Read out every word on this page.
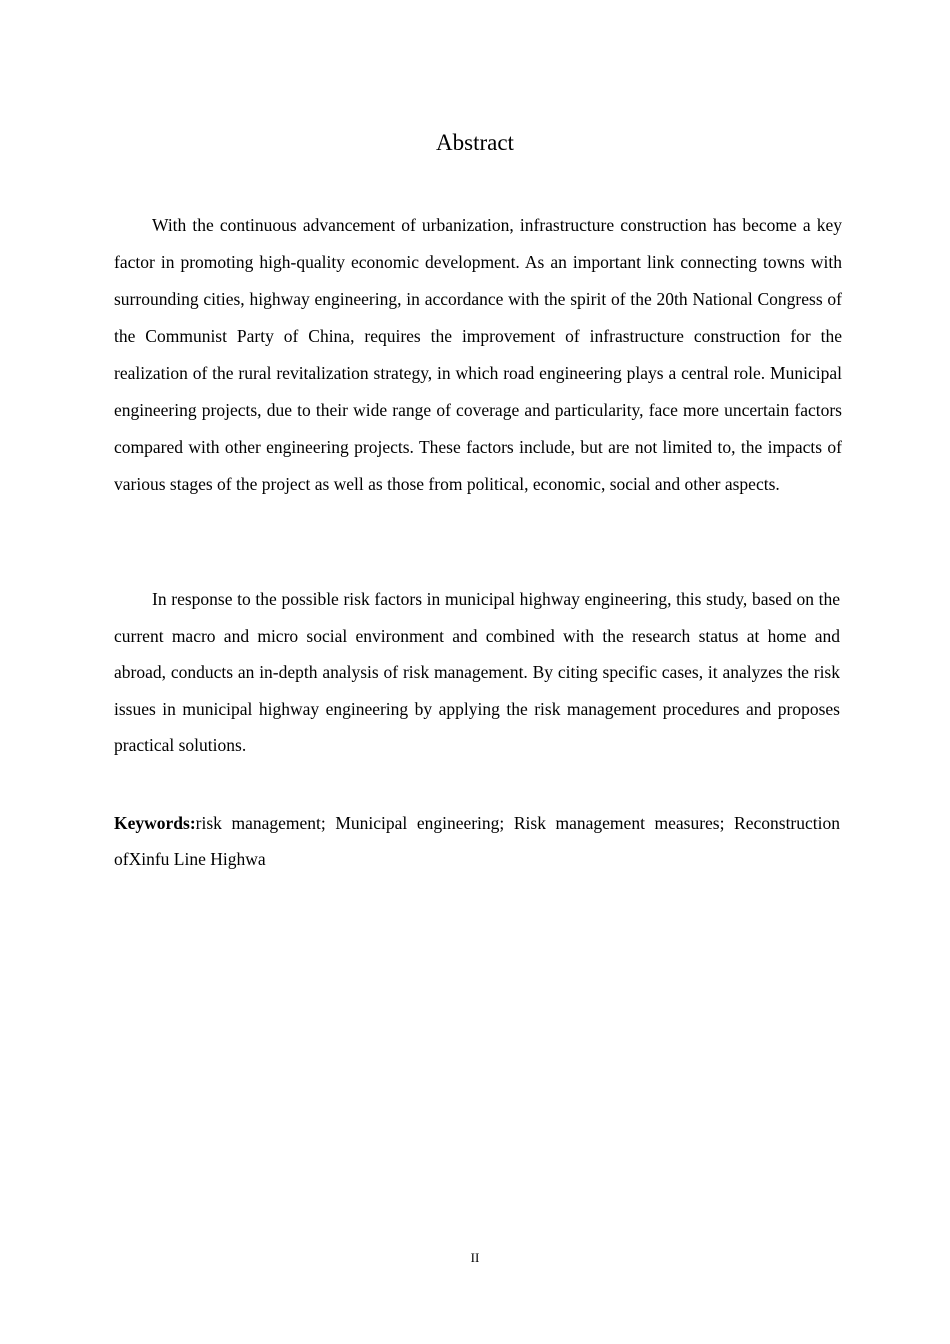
Abstract

With the continuous advancement of urbanization, infrastructure construction has become a key factor in promoting high-quality economic development. As an important link connecting towns with surrounding cities, highway engineering, in accordance with the spirit of the 20th National Congress of the Communist Party of China, requires the improvement of infrastructure construction for the realization of the rural revitalization strategy, in which road engineering plays a central role. Municipal engineering projects, due to their wide range of coverage and particularity, face more uncertain factors compared with other engineering projects. These factors include, but are not limited to, the impacts of various stages of the project as well as those from political, economic, social and other aspects.

In response to the possible risk factors in municipal highway engineering, this study, based on the current macro and micro social environment and combined with the research status at home and abroad, conducts an in-depth analysis of risk management. By citing specific cases, it analyzes the risk issues in municipal highway engineering by applying the risk management procedures and proposes practical solutions.

Keywords:risk management; Municipal engineering; Risk management measures; Reconstruction ofXinfu Line Highwa

II
